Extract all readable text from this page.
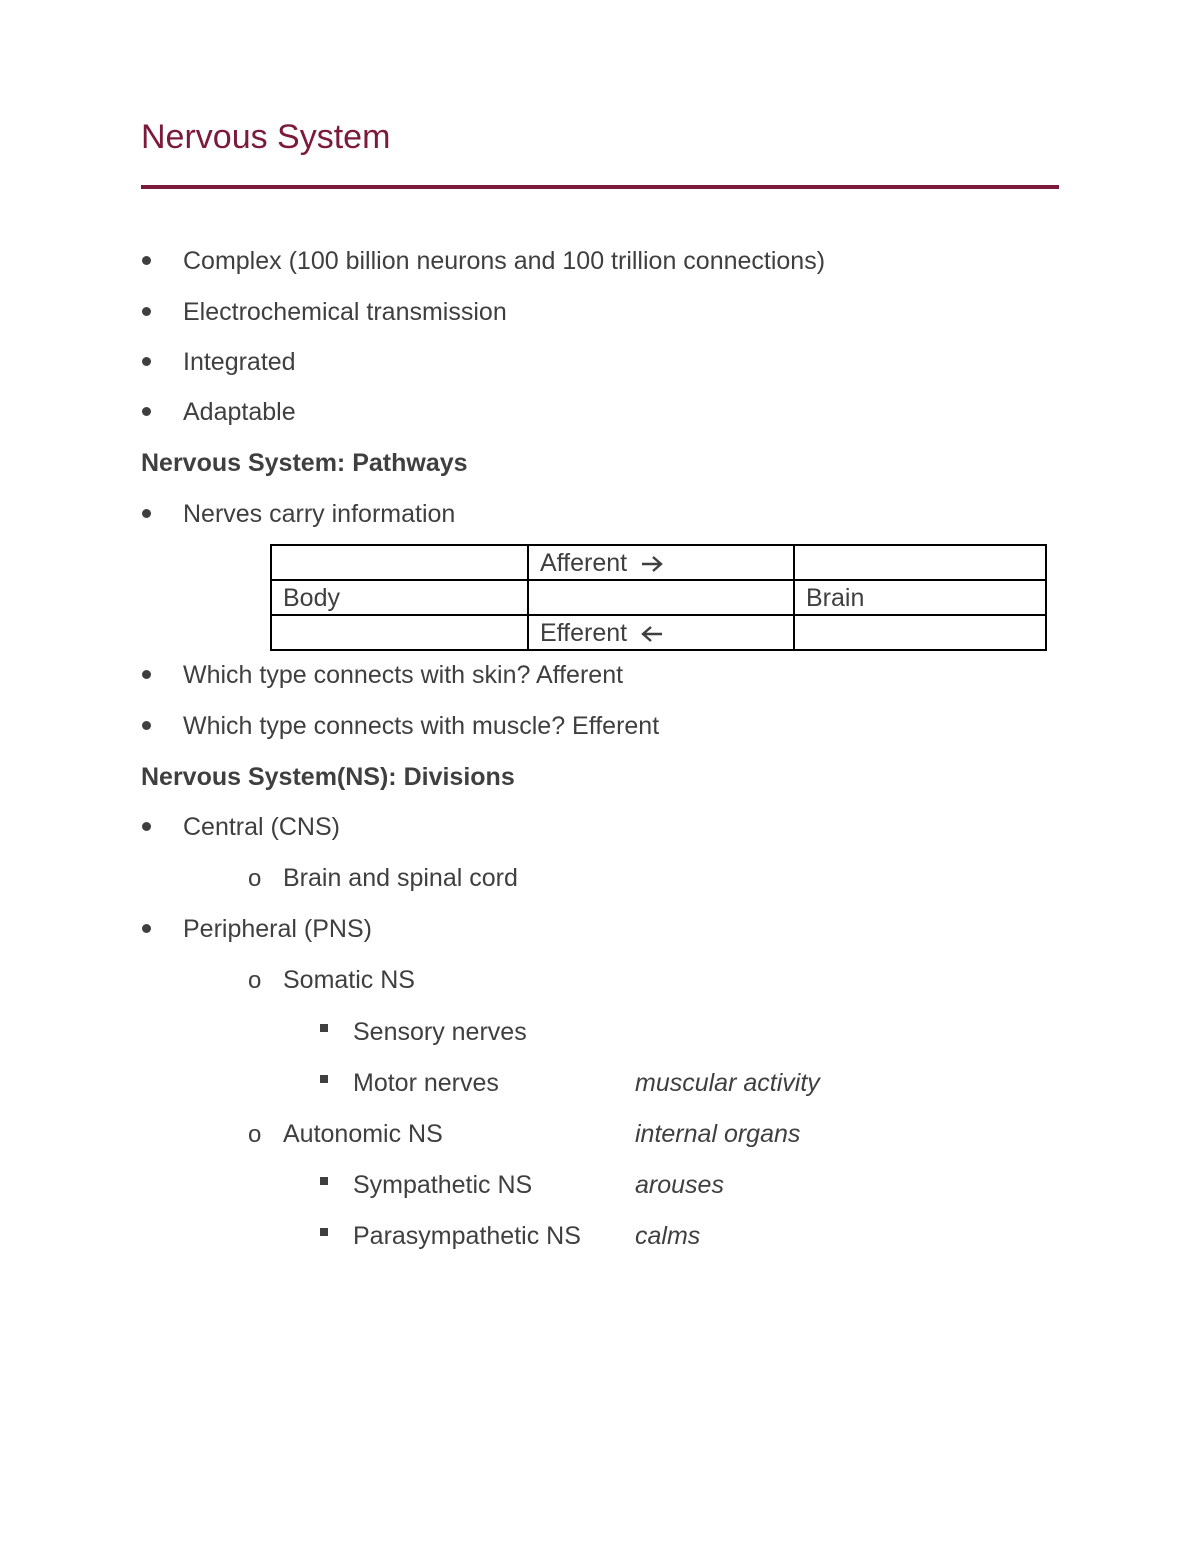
Nervous System
Complex (100 billion neurons and 100 trillion connections)
Electrochemical transmission
Integrated
Adaptable
Nervous System: Pathways
Nerves carry information
	Afferent	
Body		Brain
	Efferent	
Which type connects with skin? Afferent
Which type connects with muscle? Efferent
Nervous System(NS): Divisions
Central (CNS)
o Brain and spinal cord
Peripheral (PNS)
o Somatic NS
Sensory nerves
Motor nerves	muscular activity
o Autonomic NS	internal organs
Sympathetic NS	arouses
Parasympathetic NS calms
